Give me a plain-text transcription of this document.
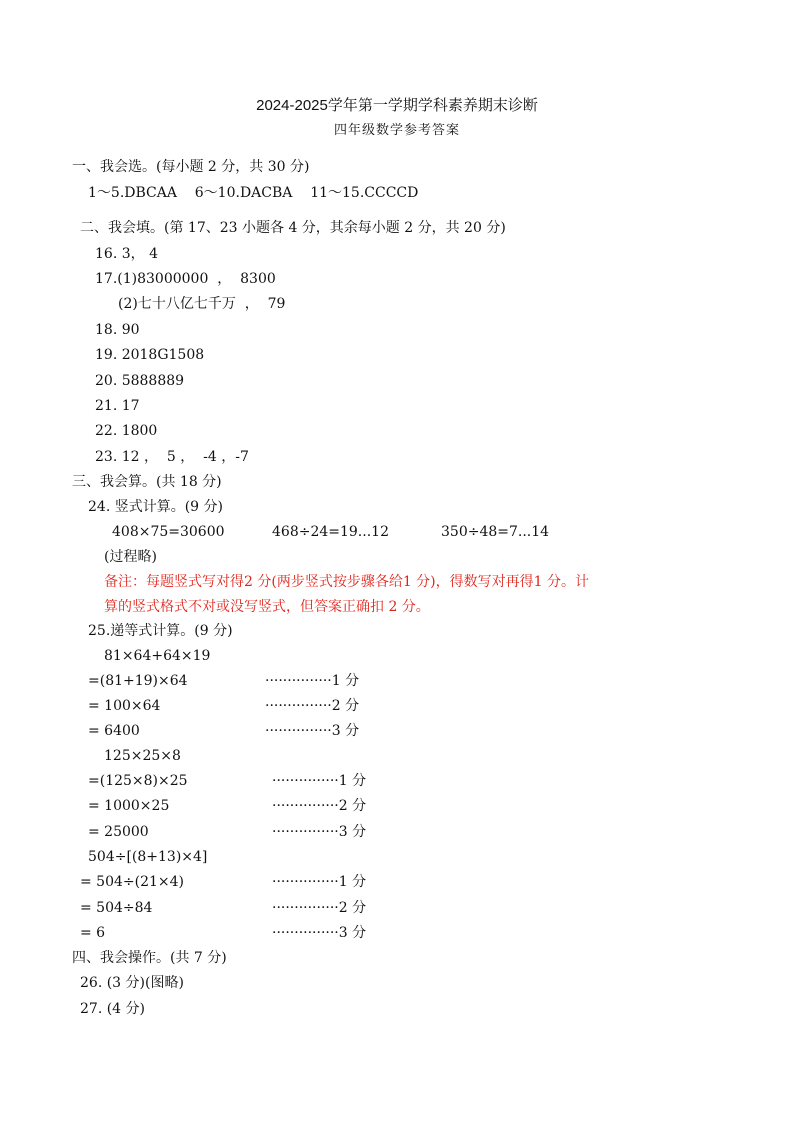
2024-2025学年第一学期学科素养期末诊断
四年级数学参考答案
一、我会选。(每小题 2 分，共 30 分)
1～5.DBCAA    6～10.DACBA    11～15.CCCCD
二、我会填。(第 17、23 小题各 4 分，其余每小题 2 分，共 20 分)
16. 3， 4
17.(1)83000000  ，  8300
(2)七十八亿七千万  ，  79
18. 90
19. 2018G1508
20. 5888889
21. 17
22. 1800
23. 12 ，  5 ，  -4 ，-7
三、我会算。(共 18 分)
24. 竖式计算。(9 分)
408×75=30600	468÷24=19...12	350÷48=7...14
(过程略)
备注：每题竖式写对得2 分(两步竖式按步骤各给1 分)，得数写对再得1 分。计
算的竖式格式不对或没写竖式，但答案正确扣 2 分。
25.递等式计算。(9 分)
81×64+64×19
=(81+19)×64	···············1 分
= 100×64	···············2 分
= 6400	···············3 分
125×25×8
=(125×8)×25	···············1 分
= 1000×25	···············2 分
= 25000	···············3 分
504÷[(8+13)×4]
= 504÷(21×4)	···············1 分
= 504÷84	···············2 分
= 6	···············3 分
四、我会操作。(共 7 分)
26. (3 分)(图略)
27. (4 分)
